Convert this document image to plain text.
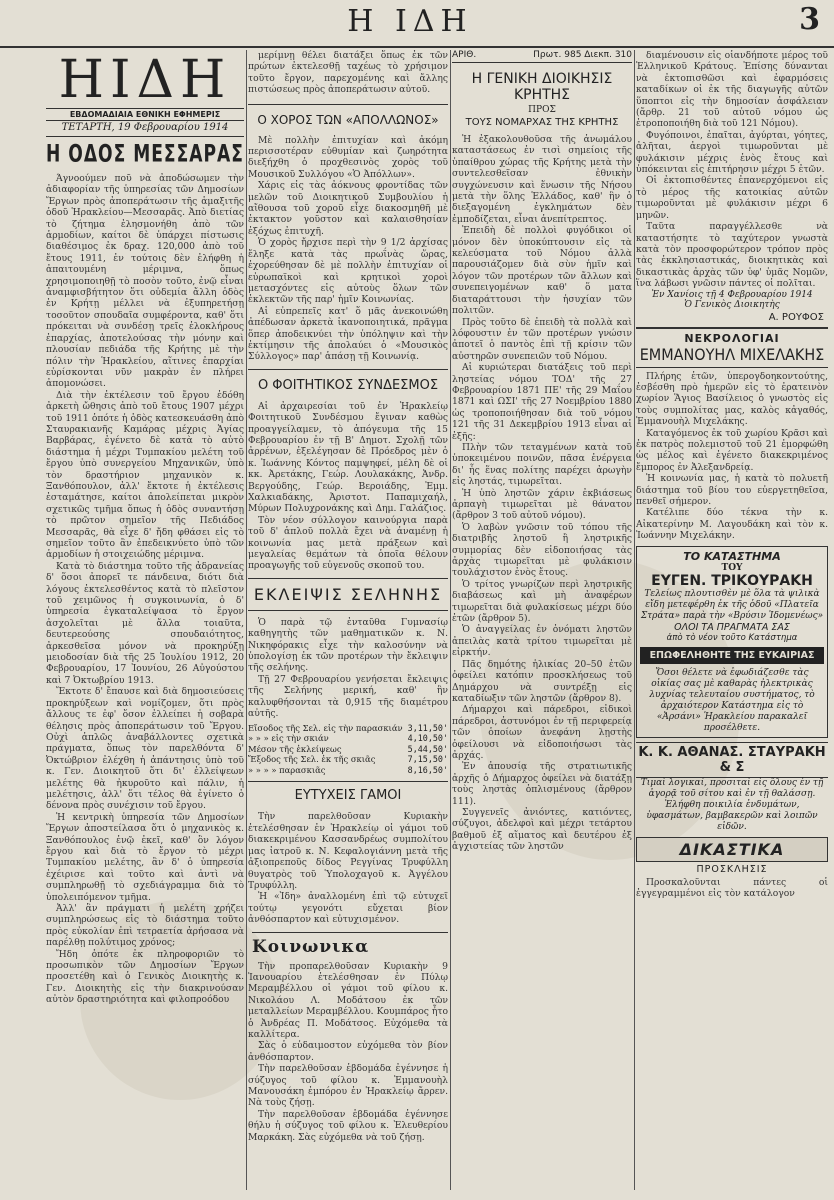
Η ΙΔΗ	3
ΗΙΔΗ
ΕΒΔΟΜΑΔΙΑΙΑ ΕΘΝΙΚΗ ΕΦΗΜΕΡΙΣ
ΤΕΤΑΡΤΗ, 19 Φεβρουαρίου 1914
Η ΟΔΟΣ ΜΕΣΣΑΡΑΣ

Άγνοούμεν ποῦ νὰ ἀποδώσωμεν τὴν ἀδιαφορίαν τῆς ὑπηρεσίας τῶν Δημοσίων Ἔργων πρὸς ἀποπεράτωσιν τῆς ἁμαξιτῆς ὁδοῦ Ἡρακλείου—Μεσσαρᾶς. Ἀπὸ διετίας τὸ ζήτημα ἐλησμονήθη ἀπὸ τῶν ἁρμοδίων, καίτοι δὲ ὑπάρχει πίστωσις διαθέσιμος ἐκ δραχ. 120,000 ἀπὸ τοῦ ἔτους 1911, ἐν τούτοις δὲν ἐλήφθη ἡ ἀπαιτουμένη μέριμνα, ὅπως χρησιμοποιηθῇ τὸ ποσὸν τοῦτο, ἐνῷ εἶναι ἀναμφισβήτητον ὅτι οὐδεμία ἄλλη ὁδὸς ἐν Κρήτῃ μέλλει νὰ ἐξυπηρετήσῃ τοσοῦτον σπουδαῖα συμφέροντα, καθ' ὅτι πρόκειται νὰ συνδέσῃ τρεῖς ἐλοκλήρους ἐπαρχίας, ἀποτελούσας τὴν μόνην καὶ πλουσίαν πεδιάδα τῆς Κρήτης μὲ τὴν πόλιν τὴν Ἡρακλείου, αἵτινες ἐπαρχίαι εὑρίσκονται νῦν μακρὰν ἐν πλήρει ἀπομονώσει.

Διὰ τὴν ἐκτέλεσιν τοῦ ἔργου ἐδόθη ἀρκετὴ ὤθησις ἀπὸ τοῦ ἔτους 1907 μέχρι τοῦ 1911 ὁπότε ἡ ὁδὸς κατεσκευάσθη ἀπὸ Σταυρακιανῆς Καμάρας μέχρις Ἁγίας Βαρβάρας, ἐγένετο δὲ κατὰ τὸ αὐτὸ διάστημα ἡ μέχρι Τυμπακίου μελέτη τοῦ ἔργου ὑπὸ συνεργείου Μηχανικῶν, ὑπὸ τὸν δραστήριον μηχανικὸν κ. Ξανθόπουλον, ἀλλ' ἔκτοτε ἡ ἐκτέλεσις ἐσταμάτησε, καίτοι ἀπολείπεται μικρὸν σχετικῶς τμῆμα ὅπως ἡ ὁδὸς συναντήσῃ τὸ πρῶτον σημεῖον τῆς Πεδιάδος Μεσσαρᾶς, θὰ εἶχε δ' ἤδη φθάσει εἰς τὸ σημεῖον τοῦτο ἂν ἐπεδεικνύετο ὑπὸ τῶν ἁρμοδίων ἡ στοιχειώδης μέριμνα.

Κατὰ τὸ διάστημα τοῦτο τῆς ἀδρανείας δ' ὅσοι ἀπορεῖ τε πάνδεινα, διότι διὰ λόγους ἐκτελεσθέντος κατὰ τὸ πλεῖστον τοῦ χειμῶνος ἡ συγκοινωνία, ὁ δ' ὑπηρεσία ἐγκαταλείψασα τὸ ἔργον ἀσχολεῖται μὲ ἄλλα τοιαῦτα, δευτερεούσης σπουδαιότητος, ἀρκεσθεῖσα μόνον νὰ προκηρύξῃ μειοδοσίαν διὰ τῆς 25 Ἰουλίου 1912, 20 Φεβρουαρίου, 17 Ἰουνίου, 26 Αὐγούστου καὶ 7 Ὀκτωβρίου 1913.

Ἔκτοτε δ' ἔπαυσε καὶ διὰ δημοσιεύσεις προκηρύξεων καὶ νομίζομεν, ὅτι πρὸς ἄλλους τε ἐφ' ὅσον ἐλλείπει ἡ σοβαρὰ θέλησις πρὸς ἀποπεράτωσιν τοῦ Ἔργου. Οὐχὶ ἀπλῶς ἀναβάλλοντες σχετικὰ πράγματα, ὅπως τὸν παρελθόντα δ' Ὀκτώβριον ἐλέχθη ἡ ἀπάντησις ὑπὸ τοῦ κ. Γεν. Διοικητοῦ ὅτι δι' ἐλλείψεων μελέτης θὰ ἠκυροῦτο καὶ πάλιν, ἡ μελέτησις, ἀλλ' ὅτι τέλος θὰ ἐγίνετο ὁ δένονα πρὸς συνέχισιν τοῦ ἔργου.

Ἡ κεντρικὴ ὑπηρεσία τῶν Δημοσίων Ἔργων ἀποστείλασα ὅτι ὁ μηχανικὸς κ. Ξανθόπουλος ἐνῷ ἐκεῖ, καθ' ὃν λόγον ἔργου καὶ διὰ τὸ ἔργον τὸ μέχρι Τυμπακίου μελέτης, ἂν δ' ὁ ὑπηρεσία ἐχέιρισε καὶ τοῦτο καὶ ἀντὶ νὰ συμπληρωθῇ τὸ σχεδιάγραμμα διὰ τὸ ὑπολειπόμενον τμῆμα.

Ἀλλ' ἂν πράγματι ἡ μελέτη χρήζει συμπληρώσεως εἰς τὸ διάστημα τοῦτο πρὸς εὐκολίαν ἐπὶ τετραετία ἀρήσασα νὰ παρέλθῃ πολύτιμος χρόνος;

Ἤδη ὁπότε ἐκ πληροφοριῶν τὸ προσωπικὸν τῶν Δημοσίων Ἔργων προσετέθη καὶ ὁ Γενικὸς Διοικητὴς κ. Γεν. Διοικητὴς εἰς τὴν διακρινούσαν αὐτὸν δραστηριότητα καὶ φιλοπροόδου

μερίμνῃ θέλει διατάξει ὅπως ἐκ τῶν πρώτων ἐκτελεσθῇ ταχέως τὸ χρήσιμον τοῦτο ἔργον, παρεχομένης καὶ ἄλλης πιστώσεως πρὸς ἀποπεράτωσιν αὐτοῦ.

Ο ΧΟΡΟΣ ΤΩΝ «ΑΠΟΛΛΩΝΟΣ»

Μὲ πολλὴν ἐπιτυχίαν καὶ ἀκόμη περισσοτέραν εὐθυμίαν καὶ ζωηρότητα διεξήχθη ὁ προχθεσινὸς χορὸς τοῦ Μουσικοῦ Συλλόγου «Ὁ Ἀπόλλων».

Χάρις εἰς τὰς ἀόκνους φροντίδας τῶν μελῶν τοῦ Διοικητικοῦ Συμβουλίου ἡ αἴθουσα τοῦ χοροῦ εἶχε διακοσμηθῆ μὲ ἐκτακτον γοῦστον καὶ καλαισθησίαν ἐξόχως ἐπιτυχῆ.

Ὁ χορὸς ἤρχισε περὶ τὴν 9 1/2 ἀρχίσας ἔληξε κατὰ τὰς πρωΐνὰς ὥρας, ἐχορεύθησαν δὲ μὲ πολλὴν ἐπιτυχίαν οἱ εὐρωπαϊκοὶ καὶ κρητικοὶ χοροὶ μετασχόντες εἰς αὐτοὺς ὅλων τῶν ἐκλεκτῶν τῆς παρ' ἡμῖν Κοινωνίας.

Αἱ εὐπρεπεῖς κατ' ὅ μᾶς ἀνεκοινώθη ἀπέδωσαν ἀρκετὰ ἱκανοποιητικά, πρᾶγμα ὅπερ ἀποδεικνύει τὴν ὑπόληψιν καὶ τὴν ἐκτίμησιν τῆς ἀπολαύει ὁ «Μουσικὸς Σύλλογος» παρ' ἁπάσῃ τῇ Κοινωνίᾳ.

Ο ΦΟΙΤΗΤΙΚΟΣ ΣΥΝΔΕΣΜΟΣ

Αἱ ἀρχαιρεσίαι τοῦ ἐν Ἡρακλείῳ Φοιτητικοῦ Συνδέσμου ἔγιναν καθὼς προαγγείλαμεν, τὸ ἀπόγευμα τῆς 15 Φεβρουαρίου ἐν τῇ Β' Δημοτ. Σχολῇ τῶν ἀρρένων, ἐξελέγησαν δὲ Πρόεδρος μὲν ὁ κ. Ἰωάννης Κόντος παμψηφεί, μέλη δὲ οἱ κκ. Ἀρετάκης, Γεώρ. Λουλακάκης, Ἀνδρ. Βεργούδης, Γεώρ. Βεροιάδης, Ἐμμ. Χαλκιαδάκης, Ἀριστοτ. Παπαμιχαήλ, Μύρων Πολυχρονάκης καὶ Δημ. Γαλάζιος.

Τὸν νέον σύλλογον καινούργια παρὰ τοῦ δ' ἁπλοῦ πολλὰ ἔχει νὰ ἀναμένῃ ἡ κοινωνία μας μετὰ πράξεων καὶ μεγαλείας θεμάτων τὰ ὁποῖα θέλουν προαγωγῆς τοῦ εὐγενοῦς σκοποῦ του.

ΕΚΛΕΙΨΙΣ ΣΕΛΗΝΗΣ

Ὁ παρὰ τῷ ἐνταῦθα Γυμνασίῳ καθηγητὴς τῶν μαθηματικῶν κ. Ν. Νικηφόρακις εἶχε τὴν καλοσύνην νὰ ὑπολογίσῃ ἐκ τῶν προτέρων τὴν ἔκλειψιν τῆς σελήνης.

Τῇ 27 Φεβρουαρίου γενήσεται ἔκλειψις τῆς Σελήνης μερική, καθ' ἣν καλυφθήσονται τὰ 0,915 τῆς διαμέτρου αὐτῆς.

Εἴσοδος τῆς Σελ. εἰς τὴν παρασκιάν 3,11,50'
» » » εἰς τὴν σκιάν	4,10,50'
Μέσον τῆς ἐκλείψεως	5,44,50'
Ἔξοδος τῆς Σελ. ἐκ τῆς σκιᾶς	7,15,50'
» » » » παρασκιᾶς	8,16,50'
ΕΥΤΥΧΕΙΣ ΓΑΜΟΙ

Τὴν παρελθοῦσαν Κυριακὴν ἐτελέσθησαν ἐν Ἡρακλείῳ οἱ γάμοι τοῦ διακεκριμένου Κασσανδρέως συμπολίτου μας ἰατροῦ κ. Ν. Κεφαλογιάννη μετὰ τῆς ἀξιοπρεποῦς δίδος Ρεγγίνας Τρυφύλλη θυγατρὸς τοῦ Ὑπολοχαγοῦ κ. Ἀγγέλου Τρυφύλλη.

Ἡ «Ἰδη» ἀναλλομένη ἐπὶ τῷ εὐτυχεῖ τούτῳ γεγονότι εὔχεται βίον ἀνθόσπαρτον καὶ εὐτυχισμένον.

Κοινωνικα

Τὴν προπαρελθοῦσαν Κυριακὴν 9 Ἰανουαρίου ἐτελέσθησαν ἐν Πύλῳ Μεραμβέλλου οἱ γάμοι τοῦ φίλου κ. Νικολάου Λ. Μοδάτσου ἐκ τῶν μεταλλείων Μεραμβέλλου. Κουμπάρος ἦτο ὁ Ἀνδρέας Π. Μοδάτσος. Εὐχόμεθα τὰ καλλίτερα.

Σὰς ὁ εὐδαιμοστον εὐχόμεθα τὸν βίον ἀνθόσπαρτον.

Τὴν παρελθοῦσαν ἑβδομάδα ἐγέννησε ἡ σύζυγος τοῦ φίλου κ. Ἐμμανουὴλ Μανουσάκη ἐμπόρου ἐν Ἡρακλείῳ ἄρρεν. Νὰ τοὺς ζήσῃ.

Τὴν παρελθοῦσαν ἑβδομάδα ἐγέννησε θήλυ ἡ σύζυγος τοῦ φίλου κ. Ἐλευθερίου Μαρκάκη. Σὰς εὐχόμεθα νὰ τοῦ ζήσῃ.

ΑΡΙΘ.	Πρωτ. 985 Διεκπ. 310
Η ΓΕΝΙΚΗ ΔΙΟΙΚΗΣΙΣ ΚΡΗΤΗΣ
ΠΡΟΣ
ΤΟΥΣ ΝΟΜΑΡΧΑΣ ΤΗΣ ΚΡΗΤΗΣ

Ἡ ἐξακολουθοῦσα τῆς ἀνωμάλου καταστάσεως ἐν τισὶ σημείοις τῆς ὑπαίθρου χώρας τῆς Κρήτης μετὰ τὴν συντελεσθεῖσαν ἐθνικὴν συγχώνευσιν καὶ ἕνωσιν τῆς Νήσου μετὰ τὴν ὅλης Ἑλλάδος, καθ' ἣν ὁ διεξαγομένη ἐγκλημάτων δὲν ἐμποδίζεται, εἶναι ἀνεπίτρεπτος.

Ἐπειδὴ δὲ πολλοὶ φυγόδικοι οἱ μόνον δὲν ὑποκύπτουσιν εἰς τὰ κελεύσματα τοῦ Νόμου ἀλλὰ παρουσιάζομεν διὰ σὺν ἡμῖν καὶ λόγον τῶν προτέρων τῶν ἄλλων καὶ συνεπειγομένων καθ' ὅ ματα διαταράττουσι τὴν ἡσυχίαν τῶν πολιτῶν.

Πρὸς τοῦτο δὲ ἐπειδὴ τὰ πολλὰ καὶ λόφουστιν ἐν τῶν προτέρων γνώσιν ἀποτεῖ ὁ παντὸς ἐπὶ τῇ κρίσιν τῶν αὐστηρῶν συνεπειῶν τοῦ Νόμου.

Αἱ κυριώτεραι διατάξεις τοῦ περὶ ληστείας νόμου ΤΟΔ' τῆς 27 Φεβρουαρίου 1871 ΠΕ' τῆς 29 Μαΐου 1871 καὶ ΩΣΙ' τῆς 27 Νοεμβρίου 1880 ὡς τροποποιήθησαν διὰ τοῦ νόμου 121 τῆς 31 Δεκεμβρίου 1913 εἶναι αἱ ἑξῆς:

Πλὴν τῶν τεταγμένων κατὰ τοῦ ὑποκειμένου ποινῶν, πᾶσα ἐνέργεια δι' ἧς ἕνας πολίτης παρέχει ἀρωγὴν εἰς ληστάς, τιμωρεῖται.

Ἡ ὑπὸ ληστῶν χάριν ἐκβιάσεως ἀρπαγὴ τιμωρεῖται μὲ θάνατον (ἄρθρον 3 τοῦ αὐτοῦ νόμου).

Ὁ λαβὼν γνῶσιν τοῦ τόπου τῆς διατριβῆς ληστοῦ ἢ ληστρικῆς συμμορίας δὲν εἰδοποιήσας τὰς ἀρχὰς τιμωρεῖται μὲ φυλάκισιν τουλάχιστον ἑνὸς ἔτους.

Ὁ τρίτος γνωρίζων περὶ ληστρικῆς διαβάσεως καὶ μὴ ἀναφέρων τιμωρεῖται διὰ φυλακίσεως μέχρι δύο ἐτῶν (ἄρθρον 5).

Ὁ ἀναγγείλας ἐν ὀνόματι ληστῶν ἀπειλὰς κατὰ τρίτου τιμωρεῖται μὲ εἰρκτήν.

Πᾶς δημότης ἡλικίας 20–50 ἐτῶν ὀφείλει κατόπιν προσκλήσεως τοῦ Δημάρχου νὰ συντρέξῃ εἰς καταδίωξιν τῶν ληστῶν (ἄρθρον 8).

Δήμαρχοι καὶ πάρεδροι, εἰδικοὶ πάρεδροι, ἀστυνόμοι ἐν τῇ περιφερείᾳ τῶν ὁποίων ἀνεφάνη λῃστὴς ὀφείλουσι νὰ εἰδοποιήσωσι τὰς ἀρχάς.

Ἐν ἀπουσίᾳ τῆς στρατιωτικῆς ἀρχῆς ὁ Δήμαρχος ὀφείλει νὰ διατάξῃ τοὺς ληστὰς ὁπλισμένους (ἄρθρον 111).

Συγγενεῖς ἀνιόντες, κατιόντες, σύζυγοι, ἀδελφοὶ καὶ μέχρι τετάρτου βαθμοῦ ἐξ αἵματος καὶ δευτέρου ἐξ ἀγχιστείας τῶν ληστῶν

διαμένουσιν εἰς οἱανδήποτε μέρος τοῦ Ἑλληνικοῦ Κράτους. Ἐπίσης δύνανται νὰ ἐκτοπισθῶσι καὶ ἐφαρμόσεις καταδίκων οἱ ἐκ τῆς διαγωγῆς αὐτῶν ὕποπτοι εἰς τὴν δημοσίαν ἀσφάλειαν (ἄρθρ. 21 τοῦ αὐτοῦ νόμου ὡς ἐτροποποιήθη διὰ τοῦ 121 Νόμου).

Φυγόποινοι, ἐπαῖται, ἀγύρται, γόητες, ἀλῆται, ἀεργοὶ τιμωροῦνται μὲ φυλάκισιν μέχρις ἑνὸς ἔτους καὶ ὑπόκεινται εἰς ἐπιτήρησιν μέχρι 5 ἐτῶν.

Οἱ ἐκτοπισθέντες ἐπανερχόμενοι εἰς τὸ μέρος τῆς κατοικίας αὐτῶν τιμωροῦνται μὲ φυλάκισιν μέχρι 6 μηνῶν.

Ταῦτα παραγγέλλεσθε νὰ καταστήσητε τὸ ταχύτερον γνωστὰ κατὰ τὸν προσφορώτερον τρόπον πρὸς τὰς ἐκκλησιαστικάς, διοικητικὰς καὶ δικαστικὰς ἀρχὰς τῶν ὑφ' ὑμᾶς Νομῶν, ἵνα λάβωσι γνῶσιν πάντες οἱ πολῖται.

Ἐν Χανίοις τῇ 4 Φεβρουαρίου 1914
Ὁ Γενικὸς Διοικητὴς
Α. ΡΟΥΦΟΣ
ΝΕΚΡΟΛΟΓΙΑΙ
ΕΜΜΑΝΟΥΗΛ ΜΙΧΕΛΑΚΗΣ

Πλήρης ἐτῶν, ὑπερογδοηκοντούτης, ἐσβέσθη πρὸ ἡμερῶν εἰς τὸ ἐρατεινὸν χωρίον Ἅγιος Βασίλειος ὁ γνωστὸς εἰς τοὺς συμπολίτας μας, καλὸς κἀγαθός, Ἐμμανουὴλ Μιχελάκης.

Καταγόμενος ἐκ τοῦ χωρίου Κρᾶσι καὶ ἐκ πατρὸς πολεμιστοῦ τοῦ 21 ἐμορφώθη ὡς μέλος καὶ ἐγένετο διακεκριμένος ἔμπορος ἐν Ἀλεξανδρείᾳ.

Ἡ κοινωνία μας, ἡ κατὰ τὸ πολυετῆ διάστημα τοῦ βίου του εὐεργετηθεῖσα, πενθεῖ σήμερον.

Κατέλιπε δύο τέκνα τὴν κ. Αἰκατερίνην Μ. Λαγουδάκη καὶ τὸν κ. Ἰωάννην Μιχελάκην.

ΤΟ ΚΑΤΑΣΤΗΜΑ
ΤΟΥ
ΕΥΓΕΝ. ΤΡΙΚΟΥΡΑΚΗ
Τελείως πλουτισθὲν μὲ ὅλα τὰ ψιλικὰ εἴδη μετεφέρθη ἐκ τῆς ὁδοῦ «Πλατεῖα Στράτα» παρὰ τὴν «Βρύσιν Ἰδομενέως»
ΟΛΟΙ ΤΑ ΠΡΑΓΜΑΤΑ ΣΑΣ
ἀπὸ τὸ νέον τοῦτο Κατάστημα
ΕΠΩΦΕΛΗΘΗΤΕ ΤΗΣ ΕΥΚΑΙΡΙΑΣ
Ὅσοι θέλετε νὰ ἐφωδιάζεσθε τὰς οἰκίας σας μὲ καθαρὰς ἠλεκτρικὰς λυχνίας τελευταίου συστήματος, τὸ ἀρχαιότερον Κατάστημα εἰς τὸ «Ἀρσάνι» Ἡρακλείου παρακαλεῖ προσέλθετε.
Κ. Κ. ΑΘΑΝΑΣ. ΣΤΑΥΡΑΚΗ & Σ
Τιμαὶ λογικαί, προσιταὶ εἰς ὅλους ἐν τῇ ἀγορᾷ τοῦ σίτου καὶ ἐν τῇ θαλάσσῃ. Ἐλήφθη ποικιλία ἐνδυμάτων, ὑφασμάτων, βαμβακερῶν καὶ λοιπῶν εἰδῶν.
ΔΙΚΑΣΤΙΚΑ
ΠΡΟΣΚΛΗΣΙΣ

Προσκαλοῦνται πάντες οἱ ἐγγεγραμμένοι εἰς τὸν κατάλογον
